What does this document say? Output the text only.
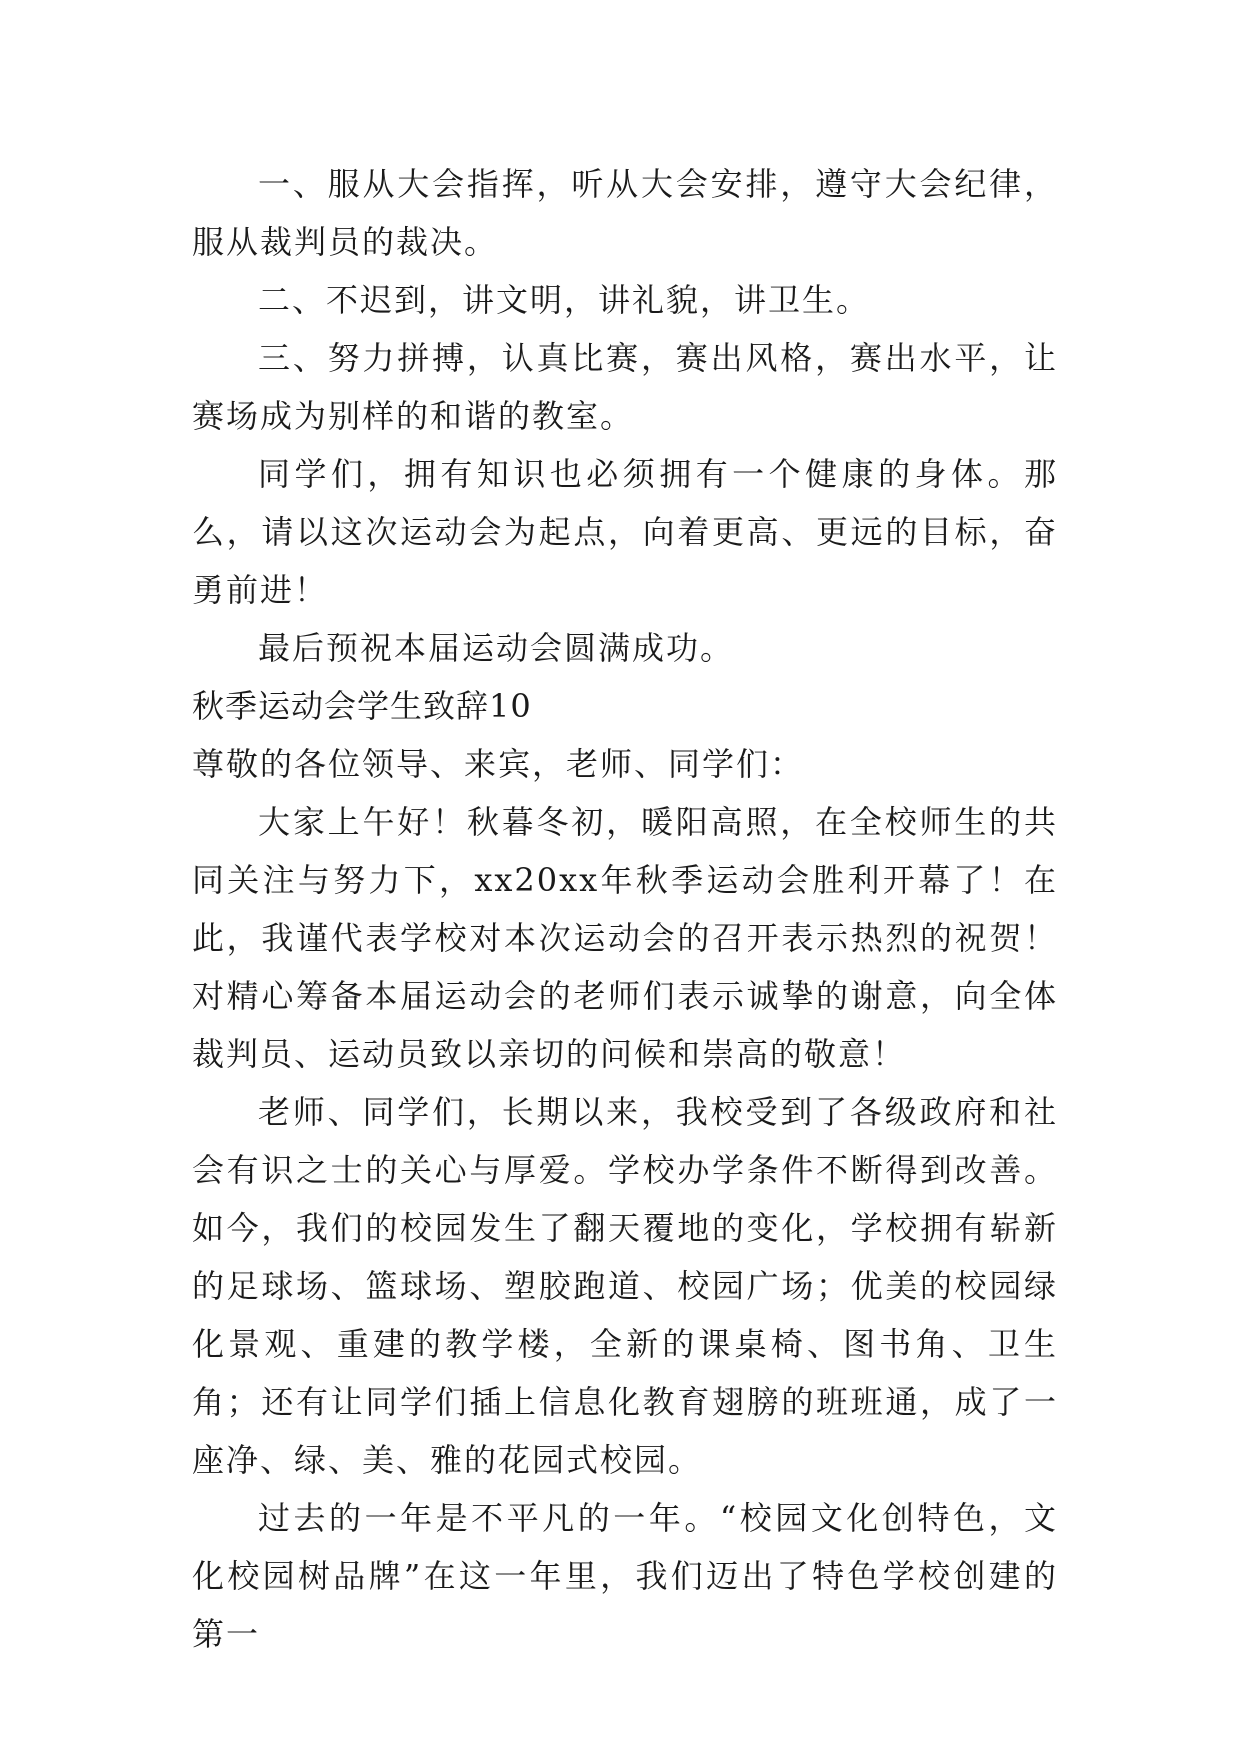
一、服从大会指挥，听从大会安排，遵守大会纪律，服从裁判员的裁决。

二、不迟到，讲文明，讲礼貌，讲卫生。

三、努力拼搏，认真比赛，赛出风格，赛出水平，让赛场成为别样的和谐的教室。

同学们，拥有知识也必须拥有一个健康的身体。那么，请以这次运动会为起点，向着更高、更远的目标，奋勇前进！

最后预祝本届运动会圆满成功。

秋季运动会学生致辞10

尊敬的各位领导、来宾，老师、同学们：

大家上午好！秋暮冬初，暖阳高照，在全校师生的共同关注与努力下，xx20xx年秋季运动会胜利开幕了！在此，我谨代表学校对本次运动会的召开表示热烈的祝贺！对精心筹备本届运动会的老师们表示诚挚的谢意，向全体裁判员、运动员致以亲切的问候和崇高的敬意！

老师、同学们，长期以来，我校受到了各级政府和社会有识之士的关心与厚爱。学校办学条件不断得到改善。如今，我们的校园发生了翻天覆地的变化，学校拥有崭新的足球场、篮球场、塑胶跑道、校园广场；优美的校园绿化景观、重建的教学楼，全新的课桌椅、图书角、卫生角；还有让同学们插上信息化教育翅膀的班班通，成了一座净、绿、美、雅的花园式校园。

过去的一年是不平凡的一年。“校园文化创特色，文化校园树品牌”在这一年里，我们迈出了特色学校创建的第一
